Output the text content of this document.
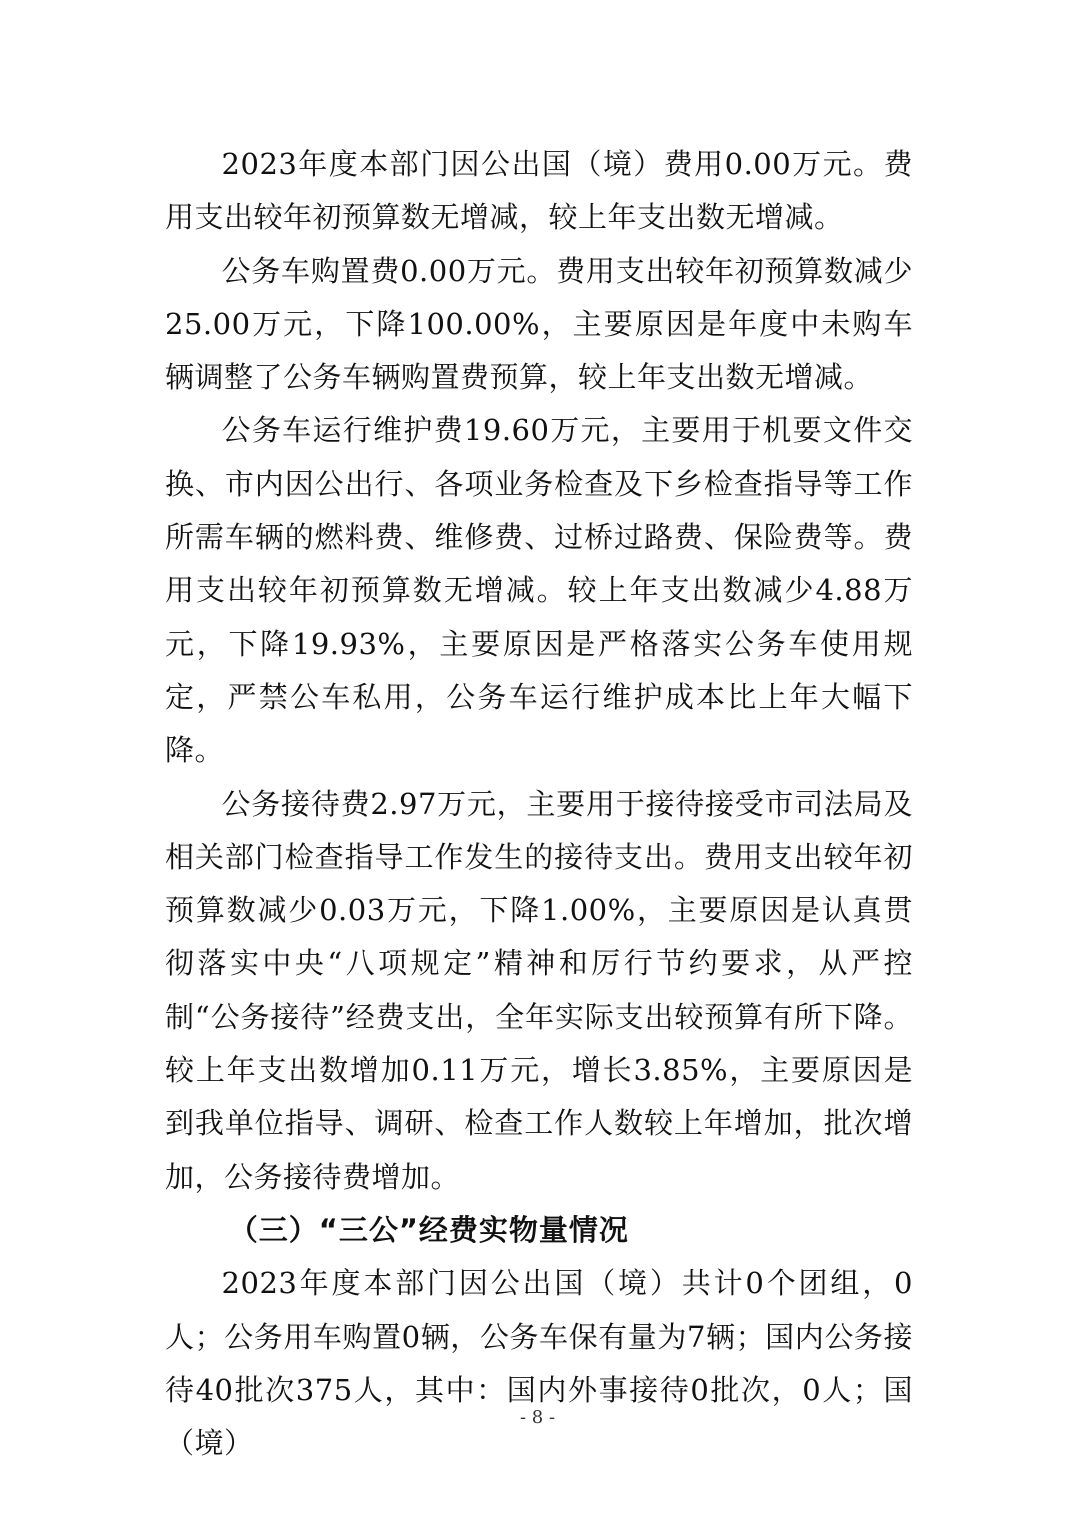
2023年度本部门因公出国（境）费用0.00万元。费用支出较年初预算数无增减，较上年支出数无增减。

公务车购置费0.00万元。费用支出较年初预算数减少25.00万元，下降100.00%，主要原因是年度中未购车辆调整了公务车辆购置费预算，较上年支出数无增减。

公务车运行维护费19.60万元，主要用于机要文件交换、市内因公出行、各项业务检查及下乡检查指导等工作所需车辆的燃料费、维修费、过桥过路费、保险费等。费用支出较年初预算数无增减。较上年支出数减少4.88万元，下降19.93%，主要原因是严格落实公务车使用规定，严禁公车私用，公务车运行维护成本比上年大幅下降。

公务接待费2.97万元，主要用于接待接受市司法局及相关部门检查指导工作发生的接待支出。费用支出较年初预算数减少0.03万元，下降1.00%，主要原因是认真贯彻落实中央“八项规定”精神和厉行节约要求，从严控制“公务接待”经费支出，全年实际支出较预算有所下降。较上年支出数增加0.11万元，增长3.85%，主要原因是到我单位指导、调研、检查工作人数较上年增加，批次增加，公务接待费增加。

（三）“三公”经费实物量情况

2023年度本部门因公出国（境）共计0个团组，0人；公务用车购置0辆，公务车保有量为7辆；国内公务接待40批次375人，其中：国内外事接待0批次，0人；国（境）

- 8 -
